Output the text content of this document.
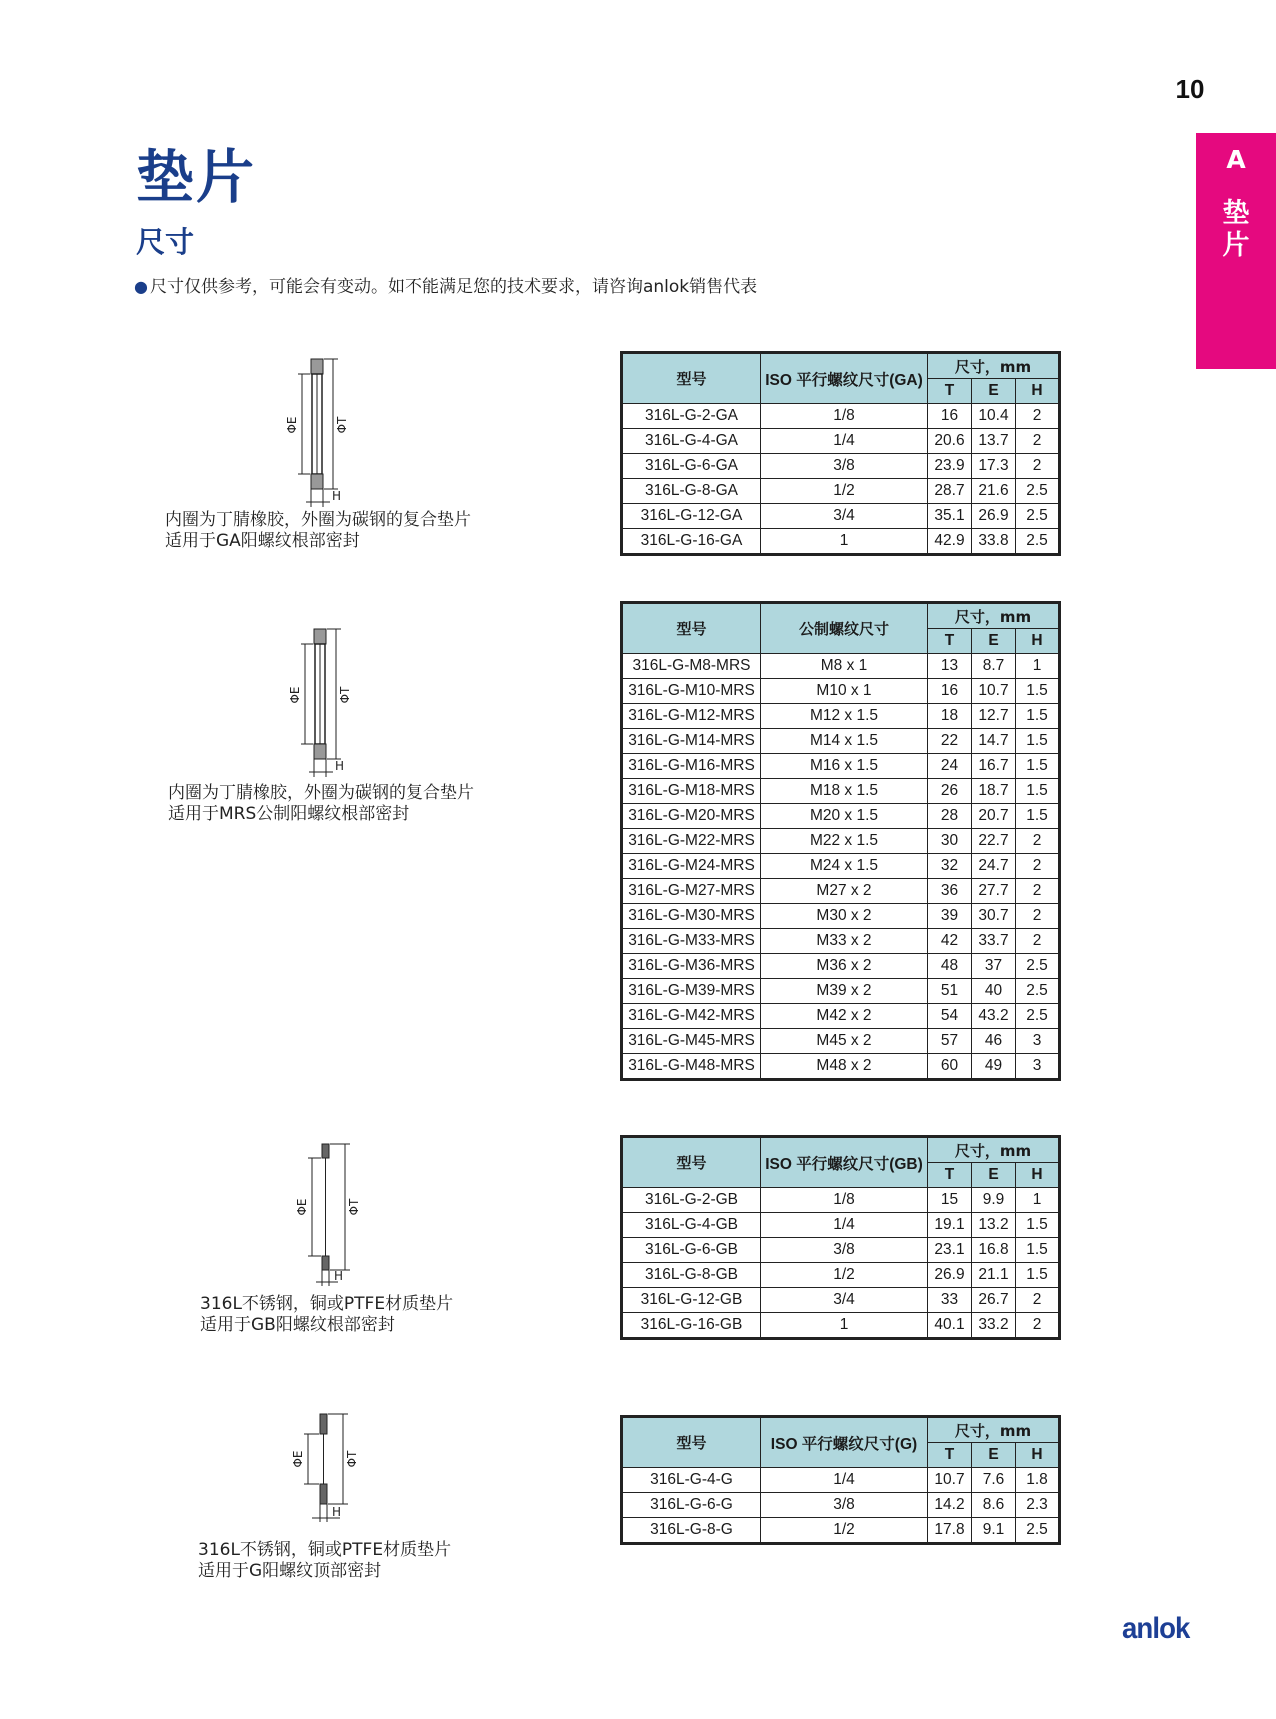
10
A
垫
片
垫片
尺寸
● 尺寸仅供参考，可能会有变动。如不能满足您的技术要求，请咨询anlok销售代表
ΦE	ΦT
H
内圈为丁腈橡胶，外圈为碳钢的复合垫片
适用于GA阳螺纹根部密封
ΦE	ΦT
H
内圈为丁腈橡胶，外圈为碳钢的复合垫片
适用于MRS公制阳螺纹根部密封
ΦE	ΦT
H
316L不锈钢，铜或PTFE材质垫片
适用于GB阳螺纹根部密封
ΦE	ΦT
H
316L不锈钢，铜或PTFE材质垫片
适用于G阳螺纹顶部密封
型号	ISO 平行螺纹尺寸(GA)	尺寸，mm		
		T	E	H
316L-G-2-GA	1/8	16	10.4	2
316L-G-4-GA	1/4	20.6	13.7	2
316L-G-6-GA	3/8	23.9	17.3	2
316L-G-8-GA	1/2	28.7	21.6	2.5
316L-G-12-GA	3/4	35.1	26.9	2.5
316L-G-16-GA	1	42.9	33.8	2.5
型号	公制螺纹尺寸	尺寸，mm		
		T	E	H
316L-G-M8-MRS	M8 x 1	13	8.7	1
316L-G-M10-MRS	M10 x 1	16	10.7	1.5
316L-G-M12-MRS	M12 x 1.5	18	12.7	1.5
316L-G-M14-MRS	M14 x 1.5	22	14.7	1.5
316L-G-M16-MRS	M16 x 1.5	24	16.7	1.5
316L-G-M18-MRS	M18 x 1.5	26	18.7	1.5
316L-G-M20-MRS	M20 x 1.5	28	20.7	1.5
316L-G-M22-MRS	M22 x 1.5	30	22.7	2
316L-G-M24-MRS	M24 x 1.5	32	24.7	2
316L-G-M27-MRS	M27 x 2	36	27.7	2
316L-G-M30-MRS	M30 x 2	39	30.7	2
316L-G-M33-MRS	M33 x 2	42	33.7	2
316L-G-M36-MRS	M36 x 2	48	37	2.5
316L-G-M39-MRS	M39 x 2	51	40	2.5
316L-G-M42-MRS	M42 x 2	54	43.2	2.5
316L-G-M45-MRS	M45 x 2	57	46	3
316L-G-M48-MRS	M48 x 2	60	49	3
型号	ISO 平行螺纹尺寸(GB)	尺寸，mm		
		T	E	H
316L-G-2-GB	1/8	15	9.9	1
316L-G-4-GB	1/4	19.1	13.2	1.5
316L-G-6-GB	3/8	23.1	16.8	1.5
316L-G-8-GB	1/2	26.9	21.1	1.5
316L-G-12-GB	3/4	33	26.7	2
316L-G-16-GB	1	40.1	33.2	2
型号	ISO 平行螺纹尺寸(G)	尺寸，mm		
		T	E	H
316L-G-4-G	1/4	10.7	7.6	1.8
316L-G-6-G	3/8	14.2	8.6	2.3
316L-G-8-G	1/2	17.8	9.1	2.5
anlok
